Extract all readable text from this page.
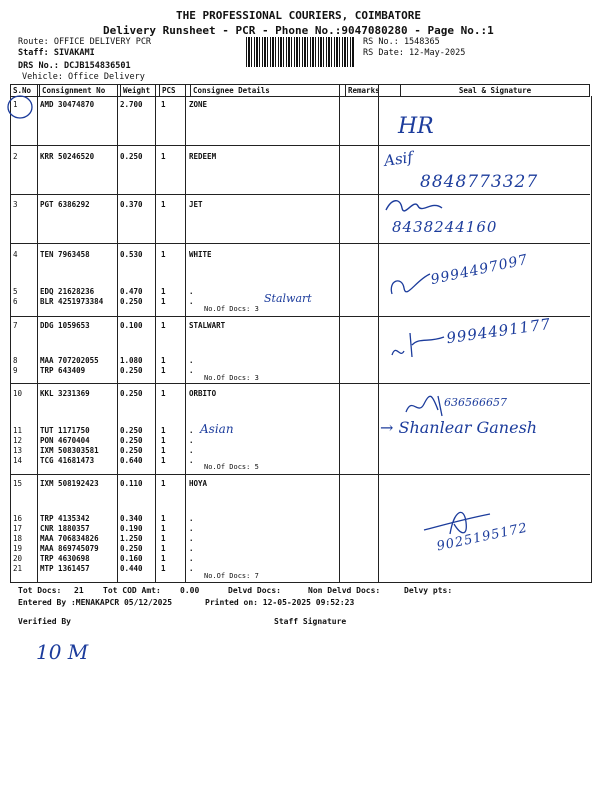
THE PROFESSIONAL COURIERS, COIMBATORE
Delivery Runsheet - PCR - Phone No.:9047080280 - Page No.:1
Route: OFFICE DELIVERY PCR
Staff: SIVAKAMI
DRS No.: DCJB154836501
Vehicle: Office Delivery
RS No.: 1548365
RS Date: 12-May-2025
S.No	Consignment No	Weight	PCS	Consignee Details	Remarks	Seal & Signature
1	AMD 30474870	2.700 1	ZONE
2	KRR 50246520	0.250 1	REDEEM
3	PGT 6386292	0.370 1	JET
4	TEN 7963458	0.530 1	WHITE
5	EDQ 21628236	0.470 1	.
6	BLR 4251973384 0.250 1	.
7	DDG 1059653	0.100 1	STALWART
8	MAA 707202055	1.080 1	.
9	TRP 643409	0.250 1	.
10 KKL 3231369	0.250 1	ORBITO
11 TUT 1171750	0.250 1	.
12 PON 4670404	0.250 1	.
13 IXM 508303581	0.250 1	.
14 TCG 41681473	0.640 1	.
15 IXM 508192423	0.110 1	HOYA
16 TRP 4135342	0.340 1	.
17 CNR 1880357	0.190 1	.
18 MAA 706834826	1.250 1	.
19 MAA 869745079	0.250 1	.
20 TRP 4630698	0.160 1	.
21 MTP 1361457	0.440 1	.
No.Of Docs: 3
No.Of Docs: 3
No.Of Docs: 5
No.Of Docs: 7
HR
Asif
8848773327
8438244160
9994497097
Stalwart
9994491177
636566657
→ Shanlear Ganesh
Asian
9025195172
Tot Docs: 21 Tot COD Amt: 0.00	Delvd Docs:	Non Delvd Docs:	Delvy pts:
Entered By :MENAKAPCR 05/12/2025	Printed on: 12-05-2025 09:52:23
Verified By	Staff Signature
10 M
